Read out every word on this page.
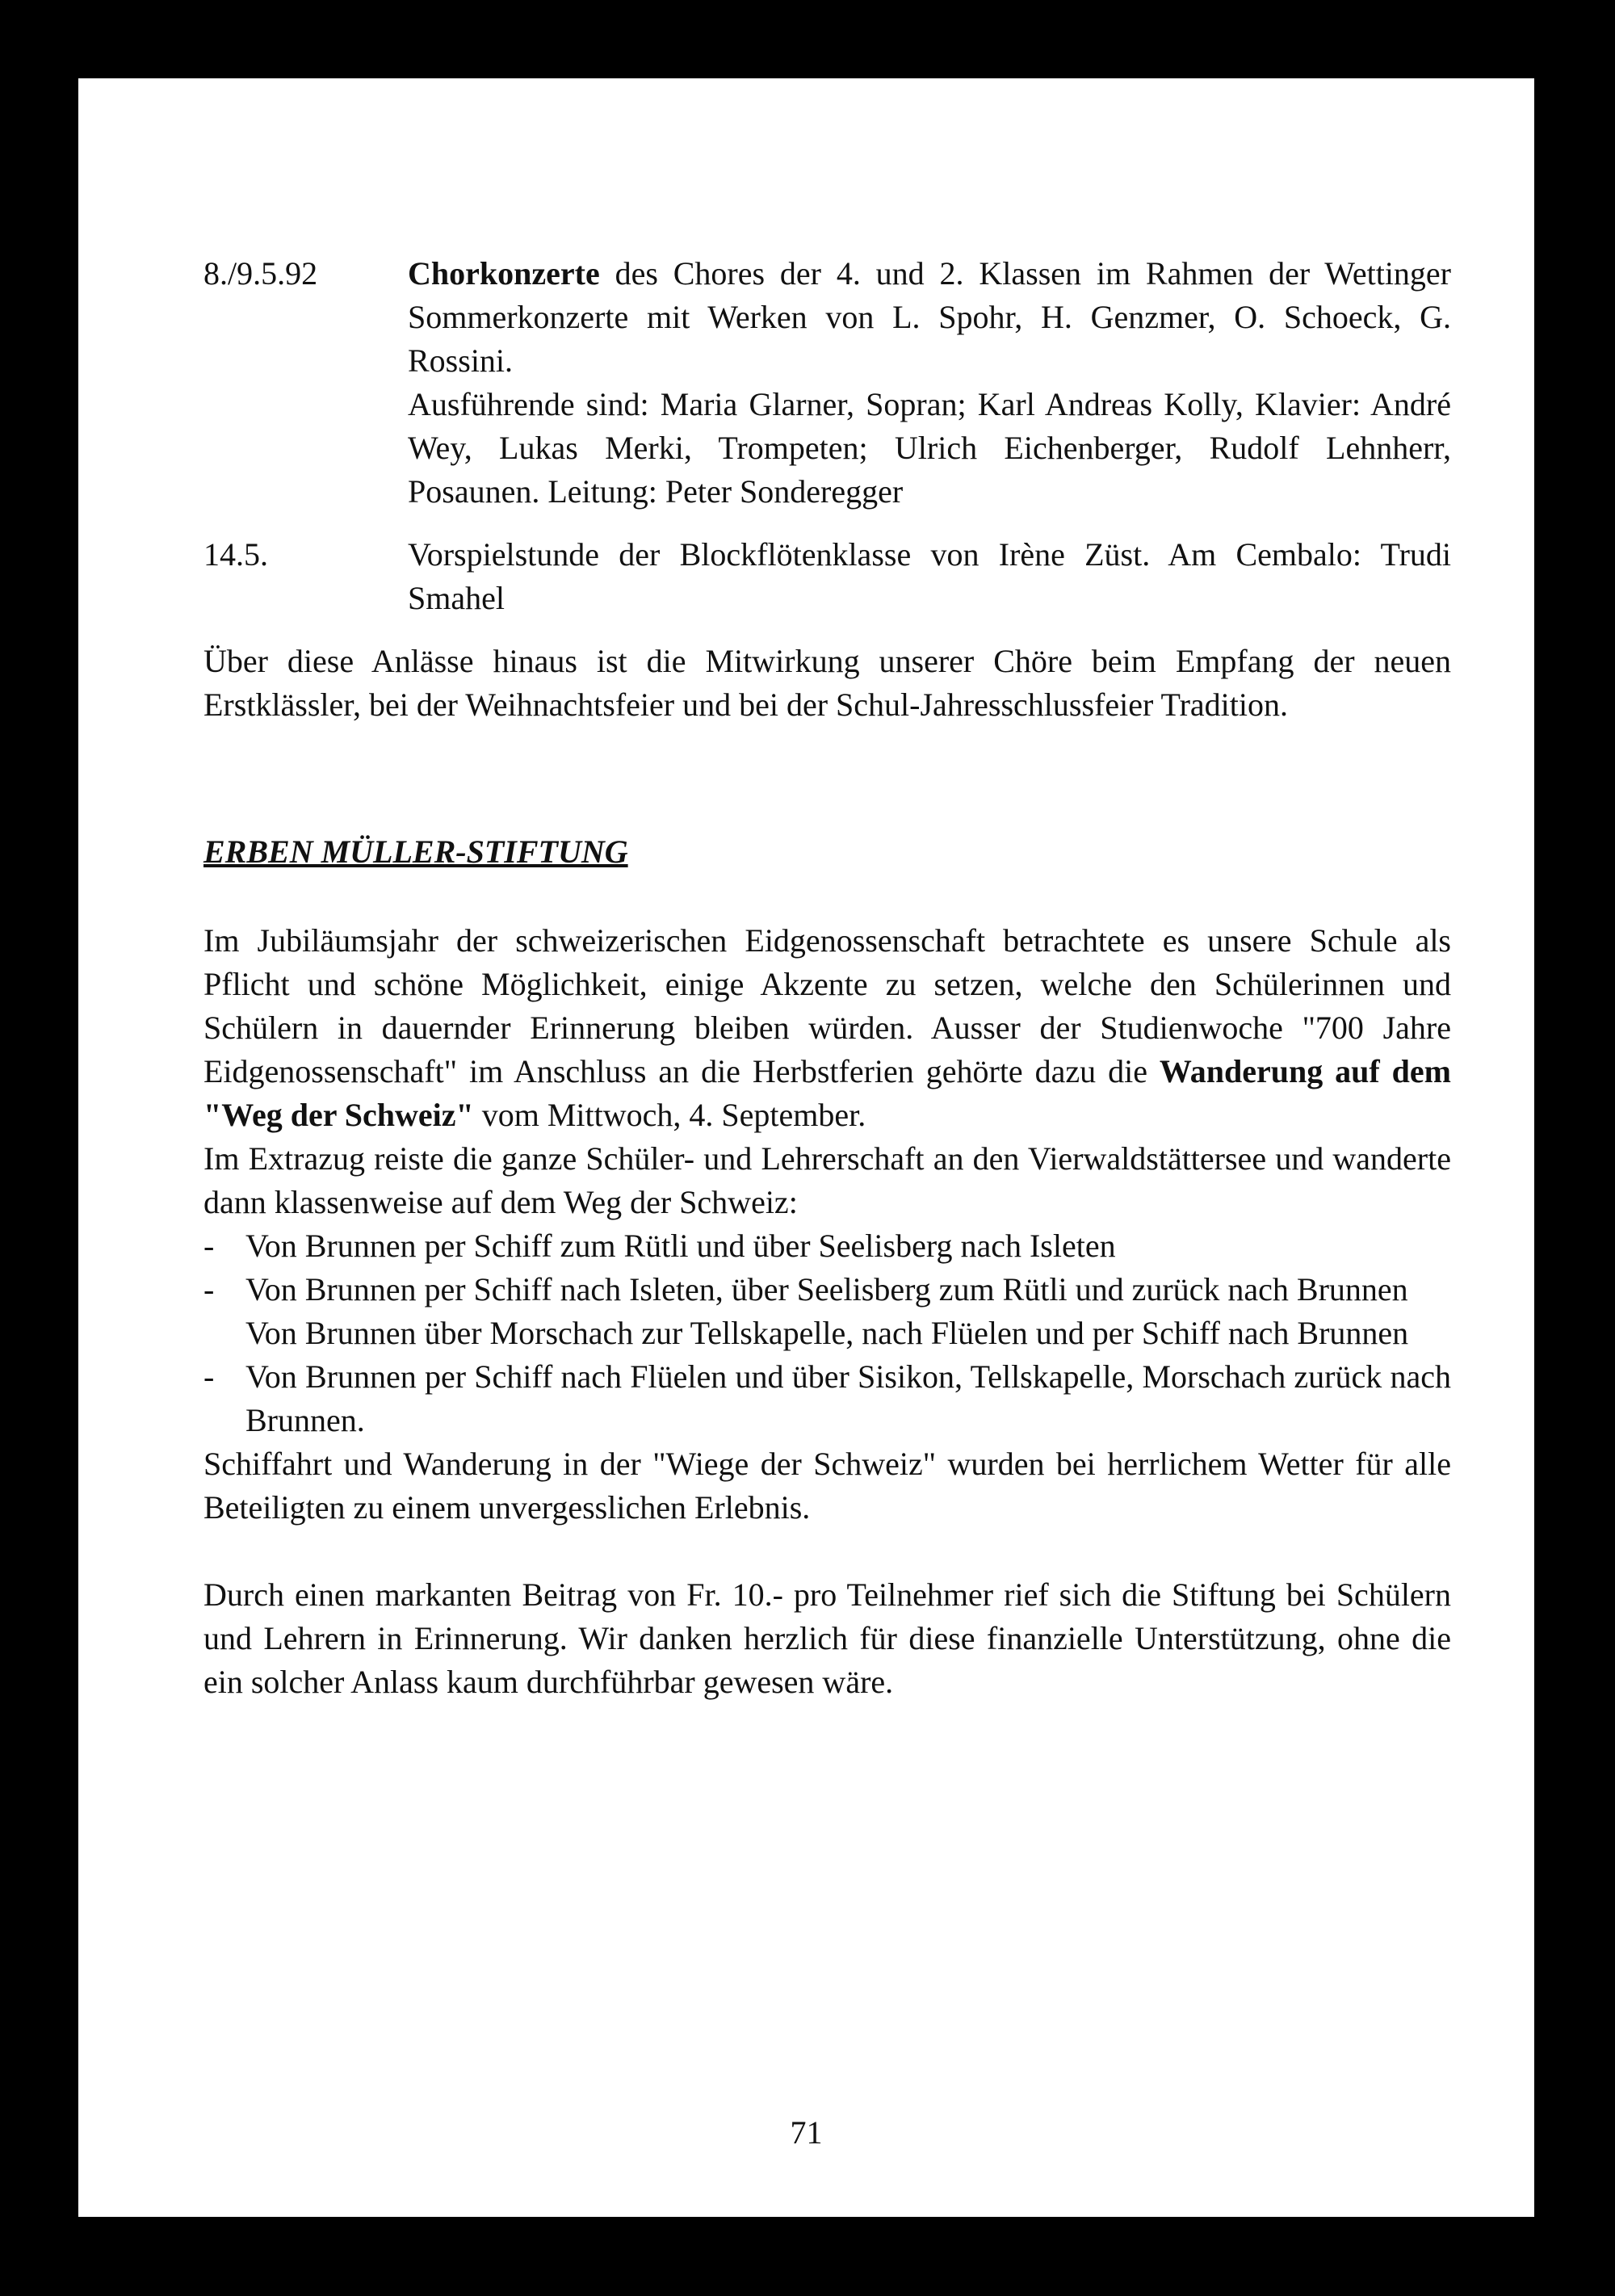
8./9.5.92	Chorkonzerte des Chores der 4. und 2. Klassen im Rahmen der Wettinger Sommerkonzerte mit Werken von L. Spohr, H. Genzmer, O. Schoeck, G. Rossini.

Ausführende sind: Maria Glarner, Sopran; Karl Andreas Kolly, Klavier: André Wey, Lukas Merki, Trompeten; Ulrich Eichenberger, Rudolf Lehnherr, Posaunen. Leitung: Peter Sonderegger

14.5.	Vorspielstunde der Blockflötenklasse von Irène Züst. Am Cembalo: Trudi Smahel

Über diese Anlässe hinaus ist die Mitwirkung unserer Chöre beim Empfang der neuen Erstklässler, bei der Weihnachtsfeier und bei der Schul-Jahresschlussfeier Tradition.

ERBEN MÜLLER-STIFTUNG

Im Jubiläumsjahr der schweizerischen Eidgenossenschaft betrachtete es unsere Schule als Pflicht und schöne Möglichkeit, einige Akzente zu setzen, welche den Schülerinnen und Schülern in dauernder Erinnerung bleiben würden. Ausser der Studienwoche "700 Jahre Eidgenossenschaft" im Anschluss an die Herbstferien gehörte dazu die Wanderung auf dem "Weg der Schweiz" vom Mittwoch, 4. September.

Im Extrazug reiste die ganze Schüler- und Lehrerschaft an den Vierwaldstättersee und wanderte dann klassenweise auf dem Weg der Schweiz:

- Von Brunnen per Schiff zum Rütli und über Seelisberg nach Isleten
- Von Brunnen per Schiff nach Isleten, über Seelisberg zum Rütli und zurück nach Brunnen
Von Brunnen über Morschach zur Tellskapelle, nach Flüelen und per Schiff nach Brunnen
- Von Brunnen per Schiff nach Flüelen und über Sisikon, Tellskapelle, Morschach zurück nach Brunnen.

Schiffahrt und Wanderung in der "Wiege der Schweiz" wurden bei herrlichem Wetter für alle Beteiligten zu einem unvergesslichen Erlebnis.

Durch einen markanten Beitrag von Fr. 10.- pro Teilnehmer rief sich die Stiftung bei Schülern und Lehrern in Erinnerung. Wir danken herzlich für diese finanzielle Unterstützung, ohne die ein solcher Anlass kaum durchführbar gewesen wäre.

71
